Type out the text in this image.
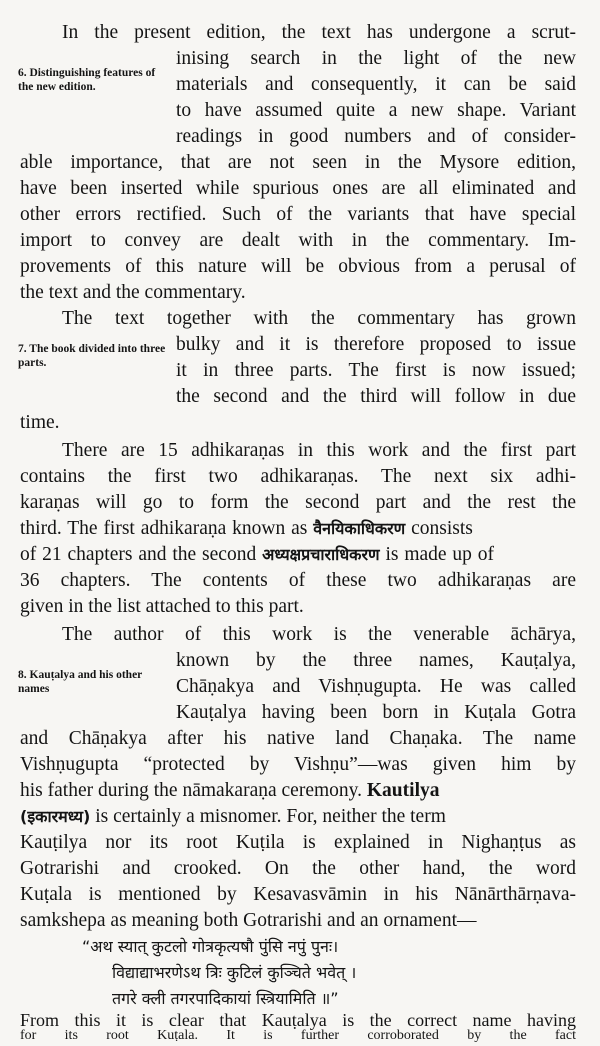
In the present edition, the text has undergone a scrut-
6. Distinguishing features of the new edition.
inising search in the light of the new
materials and consequently, it can be said
to have assumed quite a new shape. Variant
readings in good numbers and of consider-
able importance, that are not seen in the Mysore edition,
have been inserted while spurious ones are all eliminated and
other errors rectified. Such of the variants that have special
import to convey are dealt with in the commentary. Im-
provements of this nature will be obvious from a perusal of
the text and the commentary.
The text together with the commentary has grown
7. The book divided into three parts.
bulky and it is therefore proposed to issue
it in three parts. The first is now issued;
the second and the third will follow in due
time.
There are 15 adhikaraṇas in this work and the first part
contains the first two adhikaraṇas. The next six adhi-
karaṇas will go to form the second part and the rest the
third. The first adhikaraṇa known as वैनयिकाधिकरण consists
of 21 chapters and the second अध्यक्षप्रचाराधिकरण is made up of
36 chapters. The contents of these two adhikaraṇas are
given in the list attached to this part.
The author of this work is the venerable āchārya,
8. Kauṭalya and his other names
known by the three names, Kauṭalya,
Chāṇakya and Vishṇugupta. He was called
Kauṭalya having been born in Kuṭala Gotra
and Chāṇakya after his native land Chaṇaka. The name
Vishṇugupta “protected by Vishṇu”—was given him by
his father during the nāmakaraṇa ceremony. Kautilya
(इकारमध्य) is certainly a misnomer. For, neither the term
Kauṭilya nor its root Kuṭila is explained in Nighaṇṭus as
Gotrarishi and crooked. On the other hand, the word
Kuṭala is mentioned by Kesavasvāmin in his Nānārthārṇava-
samkshepa as meaning both Gotrarishi and an ornament—
“अथ स्यात् कुटलो गोत्रकृत्यषौ पुंसि नपुं पुनः।
विद्याद्याभरणेऽथ त्रिः कुटिलं कुञ्चिते भवेत् ।
तगरे क्ली तगरपादिकायां स्त्रियामिति ॥”
From this it is clear that Kauṭalya is the correct name having
for its root Kuṭala. It is further corroborated by the fact
